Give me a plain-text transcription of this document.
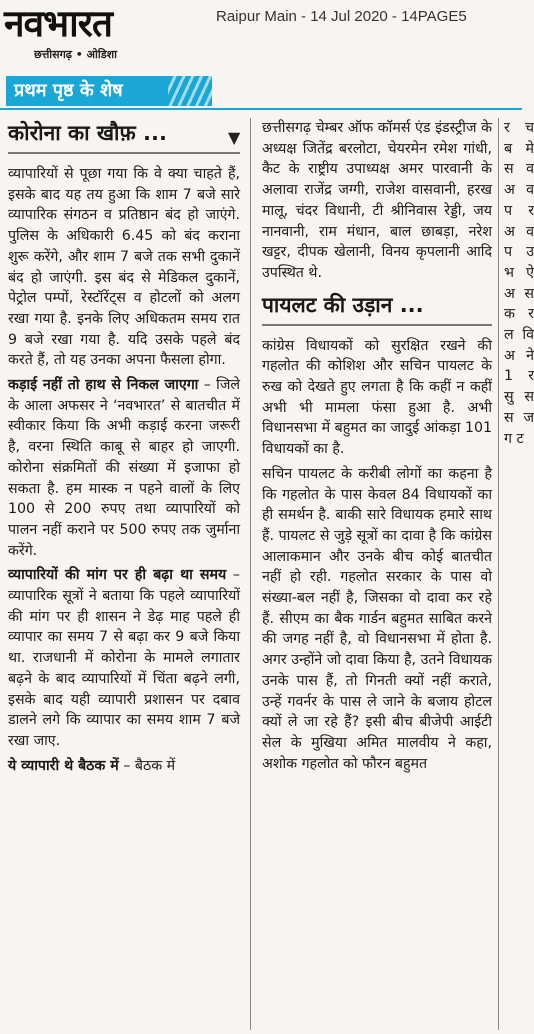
नवभारत
छत्तीसगढ़ • ओडिशा
Raipur Main - 14 Jul 2020 - 14PAGE5
प्रथम पृष्ठ के शेष
कोरोना का खौफ़ ...

व्यापारियों से पूछा गया कि वे क्या चाहते हैं, इसके बाद यह तय हुआ कि शाम 7 बजे सारे व्यापारिक संगठन व प्रतिष्ठान बंद हो जाएंगे. पुलिस के अधिकारी 6.45 को बंद कराना शुरू करेंगे, और शाम 7 बजे तक सभी दुकानें बंद हो जाएंगी. इस बंद से मेडिकल दुकानें, पेट्रोल पम्पों, रेस्टॉरेंट्स व होटलों को अलग रखा गया है. इनके लिए अधिकतम समय रात 9 बजे रखा गया है. यदि उसके पहले बंद करते हैं, तो यह उनका अपना फैसला होगा.

कड़ाई नहीं तो हाथ से निकल जाएगा – जिले के आला अफसर ने ‘नवभारत’ से बातचीत में स्वीकार किया कि अभी कड़ाई करना जरूरी है, वरना स्थिति काबू से बाहर हो जाएगी. कोरोना संक्रमितों की संख्या में इजाफा हो सकता है. हम मास्क न पहने वालों के लिए 100 से 200 रुपए तथा व्यापारियों को पालन नहीं कराने पर 500 रुपए तक जुर्माना करेंगे.

व्यापारियों की मांग पर ही बढ़ा था समय – व्यापारिक सूत्रों ने बताया कि पहले व्यापारियों की मांग पर ही शासन ने डेढ़ माह पहले ही व्यापार का समय 7 से बढ़ा कर 9 बजे किया था. राजधानी में कोरोना के मामले लगातार बढ़ने के बाद व्यापारियों में चिंता बढ़ने लगी, इसके बाद यही व्यापारी प्रशासन पर दबाव डालने लगे कि व्यापार का समय शाम 7 बजे रखा जाए.

ये व्यापारी थे बैठक में – बैठक में

▼ छत्तीसगढ़ चेम्बर ऑफ कॉमर्स एंड इंडस्ट्रीज के अध्यक्ष जितेंद्र बरलोटा, चेयरमेन रमेश गांधी, कैट के राष्ट्रीय उपाध्यक्ष अमर पारवानी के अलावा राजेंद्र जग्गी, राजेश वासवानी, हरख मालू, चंदर विधानी, टी श्रीनिवास रेड्डी, जय नानवानी, राम मंधान, बाल छाबड़ा, नरेश खट्टर, दीपक खेलानी, विनय कृपलानी आदि उपस्थित थे.

पायलट की उड़ान ...

कांग्रेस विधायकों को सुरक्षित रखने की गहलोत की कोशिश और सचिन पायलट के रुख को देखते हुए लगता है कि कहीं न कहीं अभी भी मामला फंसा हुआ है. अभी विधानसभा में बहुमत का जादुई आंकड़ा 101 विधायकों का है.

सचिन पायलट के करीबी लोगों का कहना है कि गहलोत के पास केवल 84 विधायकों का ही समर्थन है. बाकी सारे विधायक हमारे साथ हैं. पायलट से जुड़े सूत्रों का दावा है कि कांग्रेस आलाकमान और उनके बीच कोई बातचीत नहीं हो रही. गहलोत सरकार के पास वो संख्या-बल नहीं है, जिसका वो दावा कर रहे हैं. सीएम का बैक गार्डन बहुमत साबित करने की जगह नहीं है, वो विधानसभा में होता है. अगर उन्होंने जो दावा किया है, उतने विधायक उनके पास हैं, तो गिनती क्यों नहीं कराते, उन्हें गवर्नर के पास ले जाने के बजाय होटल क्यों ले जा रहे हैं? इसी बीच बीजेपी आईटी सेल के मुखिया अमित मालवीय ने कहा, अशोक गहलोत को फौरन बहुमत

र च ब मे स व अ व प र अ व प उ भ ऐ अ स क र ल वि अ ने 1 र सु स स ज ग ट
